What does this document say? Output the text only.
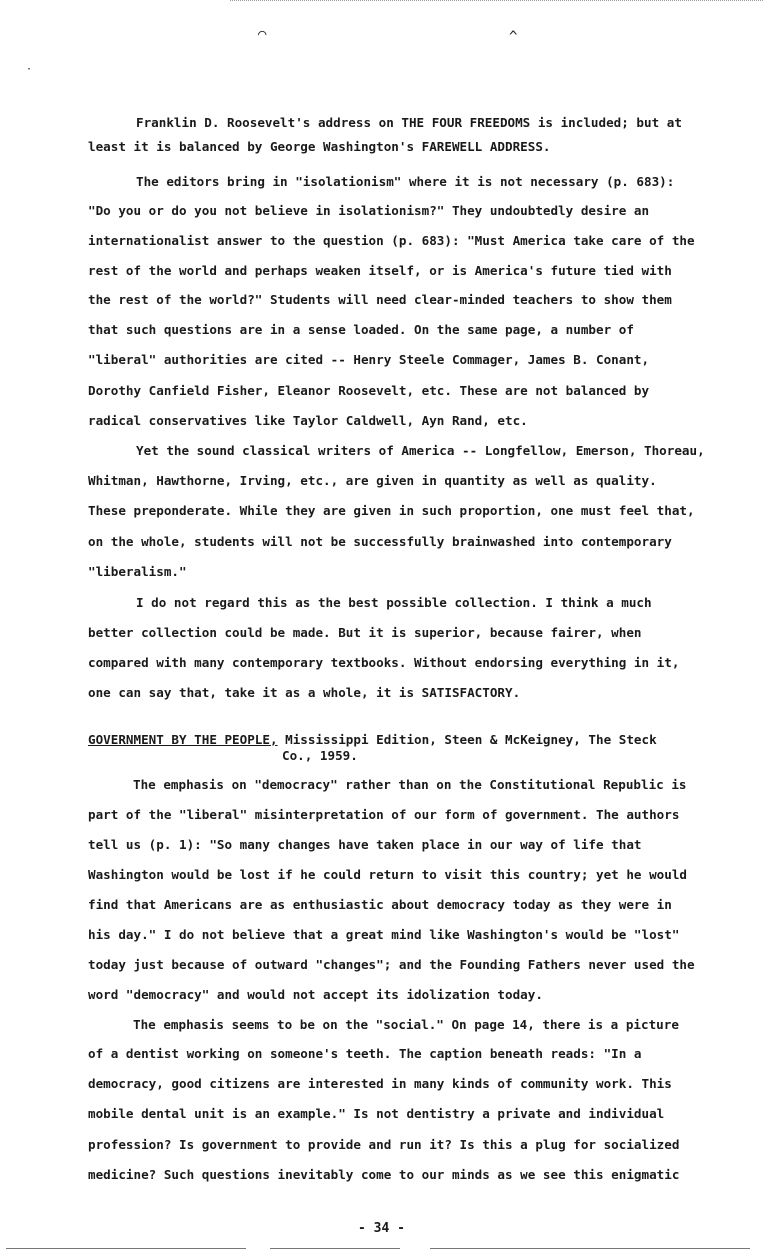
⌒	^
·
Franklin D. Roosevelt's address on THE FOUR FREEDOMS is included; but at
least it is balanced by George Washington's FAREWELL ADDRESS.
The editors bring in "isolationism" where it is not necessary (p. 683):
"Do you or do you not believe in isolationism?" They undoubtedly desire an
internationalist answer to the question (p. 683): "Must America take care of the
rest of the world and perhaps weaken itself, or is America's future tied with
the rest of the world?" Students will need clear-minded teachers to show them
that such questions are in a sense loaded. On the same page, a number of
"liberal" authorities are cited -- Henry Steele Commager, James B. Conant,
Dorothy Canfield Fisher, Eleanor Roosevelt, etc. These are not balanced by
radical conservatives like Taylor Caldwell, Ayn Rand, etc.
Yet the sound classical writers of America -- Longfellow, Emerson, Thoreau,
Whitman, Hawthorne, Irving, etc., are given in quantity as well as quality.
These preponderate. While they are given in such proportion, one must feel that,
on the whole, students will not be successfully brainwashed into contemporary
"liberalism."
I do not regard this as the best possible collection. I think a much
better collection could be made. But it is superior, because fairer, when
compared with many contemporary textbooks. Without endorsing everything in it,
one can say that, take it as a whole, it is SATISFACTORY.
GOVERNMENT BY THE PEOPLE, Mississippi Edition, Steen & McKeigney, The Steck
Co., 1959.
The emphasis on "democracy" rather than on the Constitutional Republic is
part of the "liberal" misinterpretation of our form of government. The authors
tell us (p. 1): "So many changes have taken place in our way of life that
Washington would be lost if he could return to visit this country; yet he would
find that Americans are as enthusiastic about democracy today as they were in
his day." I do not believe that a great mind like Washington's would be "lost"
today just because of outward "changes"; and the Founding Fathers never used the
word "democracy" and would not accept its idolization today.
The emphasis seems to be on the "social." On page 14, there is a picture
of a dentist working on someone's teeth. The caption beneath reads: "In a
democracy, good citizens are interested in many kinds of community work. This
mobile dental unit is an example." Is not dentistry a private and individual
profession? Is government to provide and run it? Is this a plug for socialized
medicine? Such questions inevitably come to our minds as we see this enigmatic
- 34 -
